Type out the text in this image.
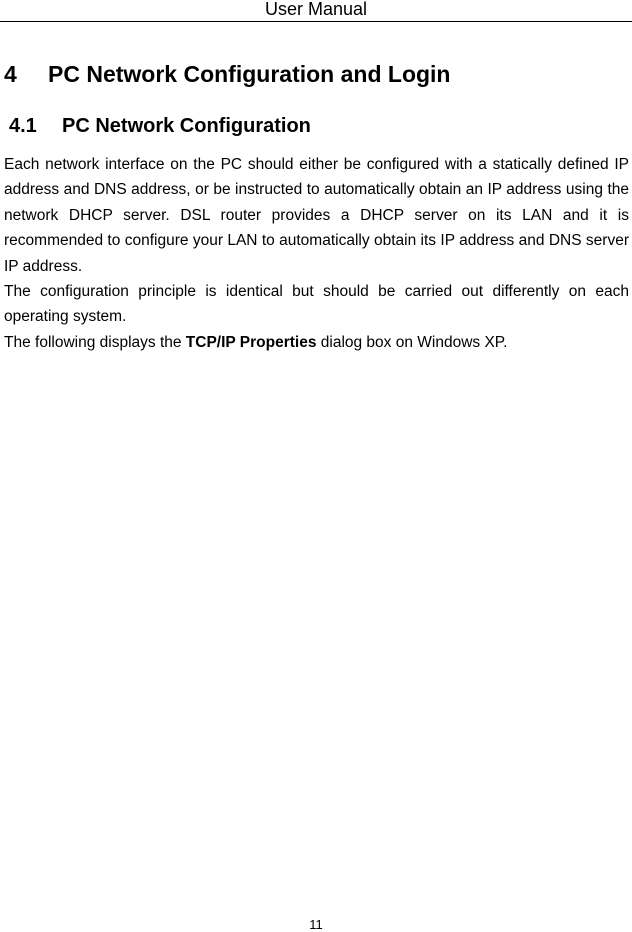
User Manual
4 PC Network Configuration and Login
4.1 PC Network Configuration

Each network interface on the PC should either be configured with a statically defined IP address and DNS address, or be instructed to automatically obtain an IP address using the network DHCP server. DSL router provides a DHCP server on its LAN and it is recommended to configure your LAN to automatically obtain its IP address and DNS server IP address.

The configuration principle is identical but should be carried out differently on each operating system.

The following displays the TCP/IP Properties dialog box on Windows XP.

11
